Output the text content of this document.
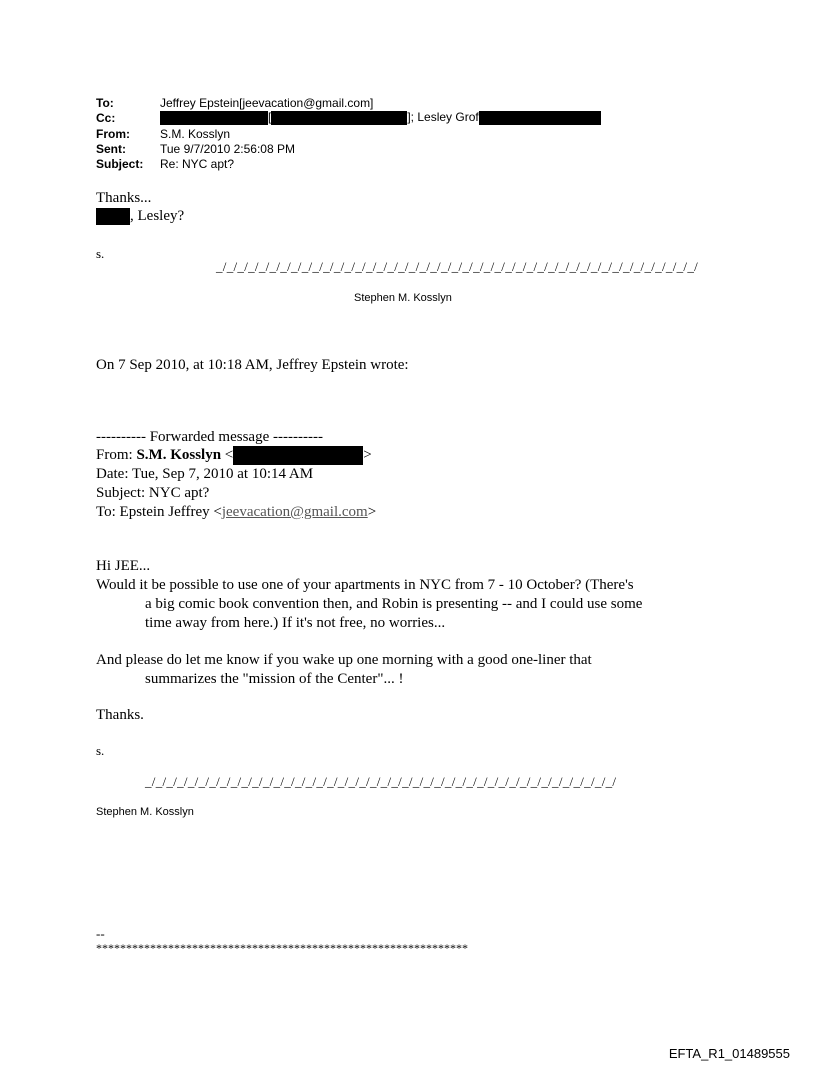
To:	Jeffrey Epstein[jeevacation@gmail.com]
Cc:	[	]; Lesley Grof
From:	S.M. Kosslyn
Sent:	Tue 9/7/2010 2:56:08 PM
Subject: Re: NYC apt?
Thanks...
, Lesley?
s.
_/_/_/_/_/_/_/_/_/_/_/_/_/_/_/_/_/_/_/_/_/_/_/_/_/_/_/_/_/_/_/_/_/_/_/_/_/_/_/_/_/_/_/_/_/
Stephen M. Kosslyn
On 7 Sep 2010, at 10:18 AM, Jeffrey Epstein wrote:
---------- Forwarded message ----------
From: S.M. Kosslyn <	>
Date: Tue, Sep 7, 2010 at 10:14 AM
Subject: NYC apt?
To: Epstein Jeffrey <jeevacation@gmail.com>
Hi JEE...
Would it be possible to use one of your apartments in NYC from 7 - 10 October? (There's
a big comic book convention then, and Robin is presenting -- and I could use some
time away from here.) If it's not free, no worries...
And please do let me know if you wake up one morning with a good one-liner that
summarizes the "mission of the Center"... !
Thanks.
s.
_/_/_/_/_/_/_/_/_/_/_/_/_/_/_/_/_/_/_/_/_/_/_/_/_/_/_/_/_/_/_/_/_/_/_/_/_/_/_/_/_/_/_/_/
Stephen M. Kosslyn
--
**************************************************************
EFTA_R1_01489555
